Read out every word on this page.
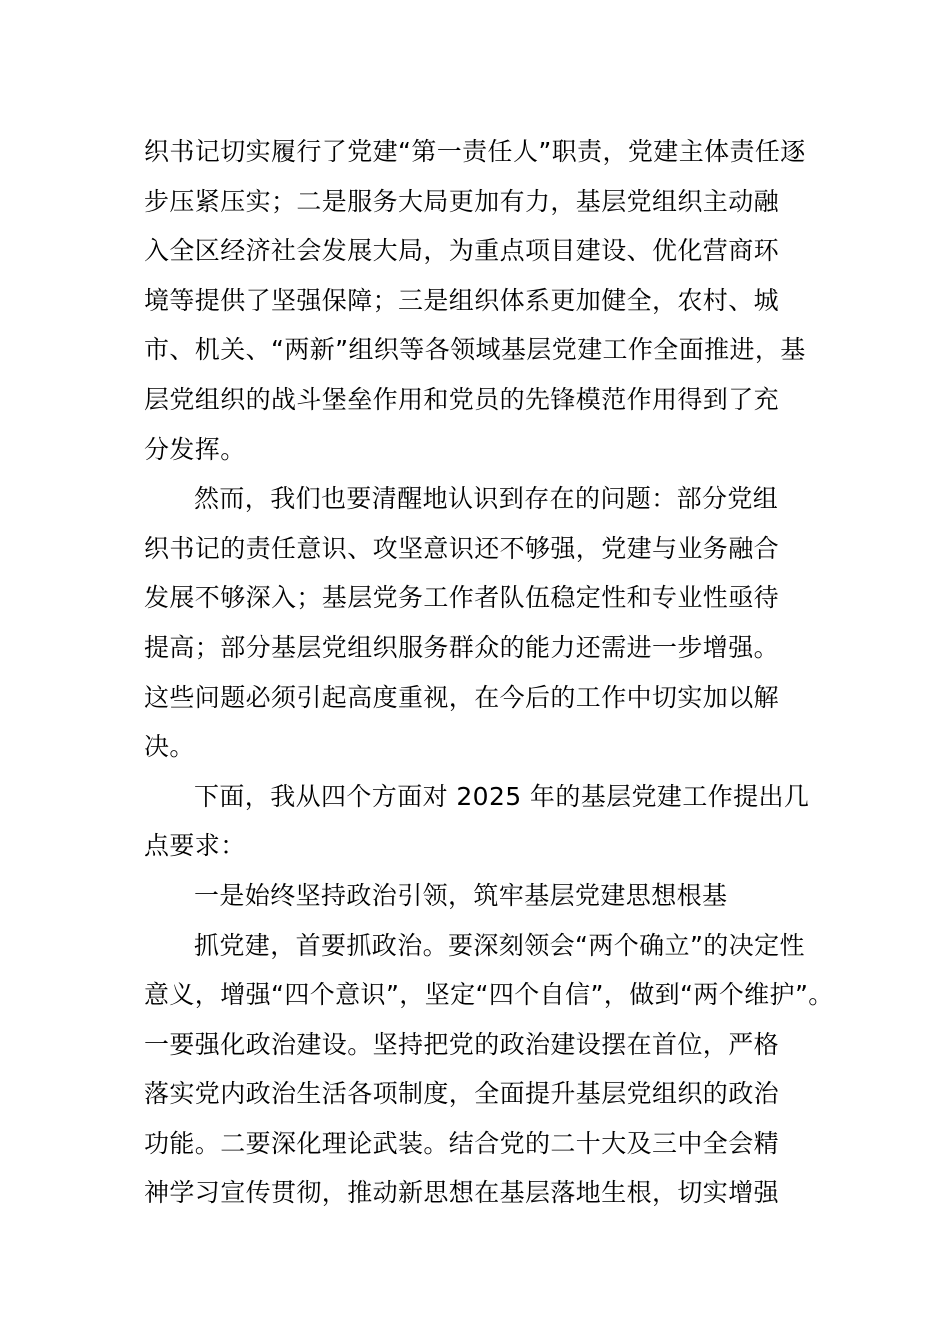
织书记切实履行了党建“第一责任人”职责，党建主体责任逐
步压紧压实；二是服务大局更加有力，基层党组织主动融
入全区经济社会发展大局，为重点项目建设、优化营商环
境等提供了坚强保障；三是组织体系更加健全，农村、城
市、机关、“两新”组织等各领域基层党建工作全面推进，基
层党组织的战斗堡垒作用和党员的先锋模范作用得到了充
分发挥。
然而，我们也要清醒地认识到存在的问题：部分党组
织书记的责任意识、攻坚意识还不够强，党建与业务融合
发展不够深入；基层党务工作者队伍稳定性和专业性亟待
提高；部分基层党组织服务群众的能力还需进一步增强。
这些问题必须引起高度重视，在今后的工作中切实加以解
决。
下面，我从四个方面对 2025 年的基层党建工作提出几
点要求：
一是始终坚持政治引领，筑牢基层党建思想根基
抓党建，首要抓政治。要深刻领会“两个确立”的决定性
意义，增强“四个意识”，坚定“四个自信”，做到“两个维护”。
一要强化政治建设。坚持把党的政治建设摆在首位，严格
落实党内政治生活各项制度，全面提升基层党组织的政治
功能。二要深化理论武装。结合党的二十大及三中全会精
神学习宣传贯彻，推动新思想在基层落地生根，切实增强
